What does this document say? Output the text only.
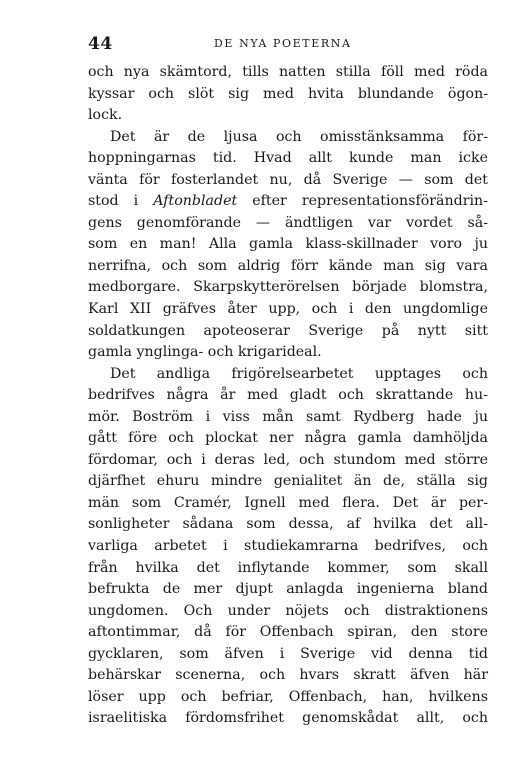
44	DE NYA POETERNA
och nya skämtord, tills natten stilla föll med röda
kyssar och slöt sig med hvita blundande ögon-
lock.
Det är de ljusa och omisstänksamma för-
hoppningarnas tid. Hvad allt kunde man icke
vänta för fosterlandet nu, då Sverige — som det
stod i Aftonbladet efter representationsförändrin-
gens genomförande — ändtligen var vordet så-
som en man! Alla gamla klass-skillnader voro ju
nerrifna, och som aldrig förr kände man sig vara
medborgare. Skarpskytterörelsen började blomstra,
Karl XII gräfves åter upp, och i den ungdomlige
soldatkungen apoteoserar Sverige på nytt sitt
gamla ynglinga- och krigarideal.
Det andliga frigörelsearbetet upptages och
bedrifves några år med gladt och skrattande hu-
mör. Boström i viss mån samt Rydberg hade ju
gått före och plockat ner några gamla damhöljda
fördomar, och i deras led, och stundom med större
djärfhet ehuru mindre genialitet än de, ställa sig
män som Cramér, Ignell med flera. Det är per-
sonligheter sådana som dessa, af hvilka det all-
varliga arbetet i studiekamrarna bedrifves, och
från hvilka det inflytande kommer, som skall
befrukta de mer djupt anlagda ingenierna bland
ungdomen. Och under nöjets och distraktionens
aftontimmar, då för Offenbach spiran, den store
gycklaren, som äfven i Sverige vid denna tid
behärskar scenerna, och hvars skratt äfven här
löser upp och befriar, Offenbach, han, hvilkens
israelitiska fördomsfrihet genomskådat allt, och
